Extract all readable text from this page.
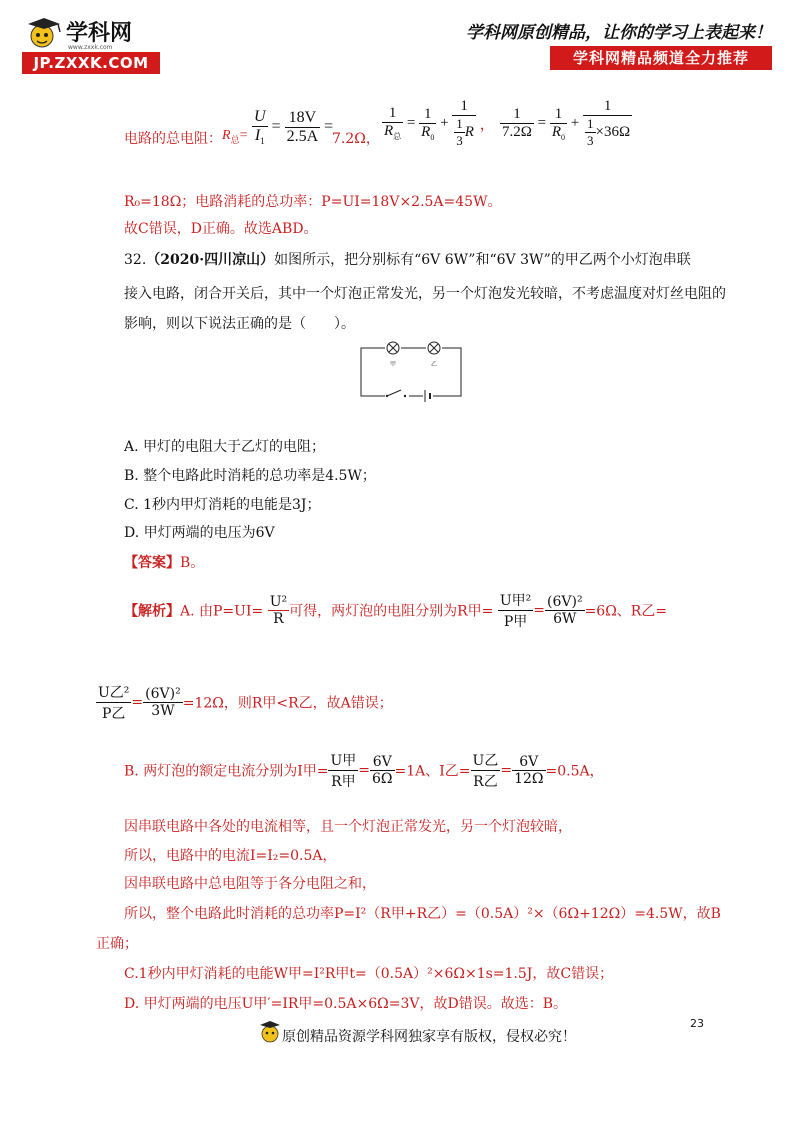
学科网
www.zxxk.com
JP.ZXXK.COM
学科网原创精品，让你的学习上表起来！
学科网精品频道全力推荐
电路的总电阻： $R_总= \frac{U}{I_1} = \frac{18V}{2.5A}$ =
7.2Ω， $\frac{1}{R_总} = \frac{1}{R_0} + \frac{1}{\frac{1}{3} R}$ ， $\frac{1}{7.2\Omega} = \frac{1}{R_0} + \frac{1}{\frac{1}{3} \times 36\Omega}$
R₀=18Ω；电路消耗的总功率：P=UI=18V×2.5A=45W。
故C错误，D正确。故选ABD。
32.（2020·四川凉山）如图所示，把分别标有“6V 6W”和“6V 3W”的甲乙两个小灯泡串联
接入电路，闭合开关后，其中一个灯泡正常发光，另一个灯泡发光较暗，不考虑温度对灯丝电阻的
影响，则以下说法正确的是（　　）。
甲	乙
A. 甲灯的电阻大于乙灯的电阻；
B. 整个电路此时消耗的总功率是4.5W；
C. 1秒内甲灯消耗的电能是3J；
D. 甲灯两端的电压为6V
【答案】B。
【解析】A. 由$P=UI= \frac{\text{U²}}{R}$ 可得，两灯泡的电阻分别为R甲= $\frac{\text{U甲²}}{\text{P甲}} = \frac{\text{(6V)²}}{6W} =6\Omega$、R乙=
$\frac{\text{U乙²}}{\text{P乙}} = \frac{\text{(6V)²}}{3W} =12\Omega$，则R甲<R乙，故A错误；
B. 两灯泡的额定电流分别为I甲= $\frac{\text{U甲}}{\text{R甲}} = \frac{6V}{6\Omega} =1A$、I乙= $\frac{\text{U乙}}{\text{R乙}} = \frac{6V}{12\Omega} =0.5A$，
因串联电路中各处的电流相等，且一个灯泡正常发光，另一个灯泡较暗，
所以，电路中的电流I=I₂=0.5A，
因串联电路中总电阻等于各分电阻之和，
所以，整个电路此时消耗的总功率P=I²（R甲+R乙）=（0.5A）²×（6Ω+12Ω）=4.5W，故B
正确；
C.1秒内甲灯消耗的电能W甲=I²R甲t=（0.5A）²×6Ω×1s=1.5J，故C错误；
D. 甲灯两端的电压U甲′=IR甲=0.5A×6Ω=3V，故D错误。故选：B。
23
原创精品资源学科网独家享有版权，侵权必究！
